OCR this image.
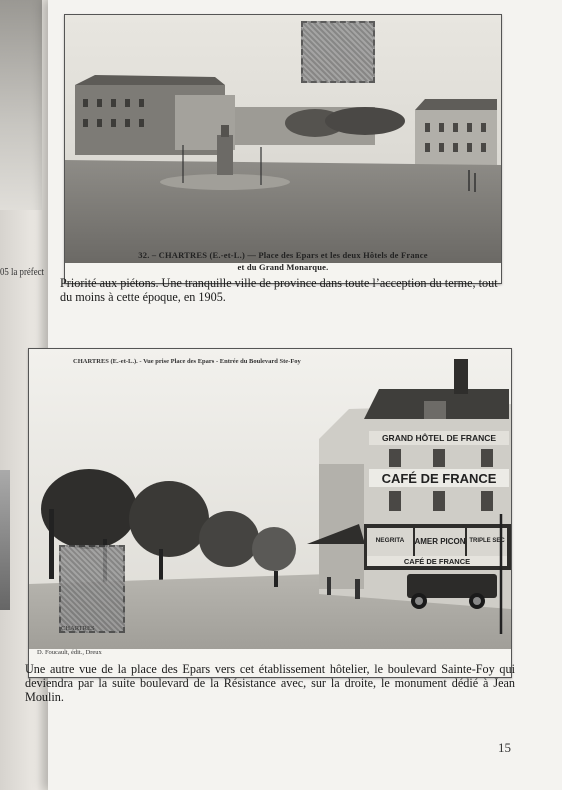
05 la préfect
32. – CHARTRES (E.-et-L.) — Place des Epars et les deux Hôtels de France
et du Grand Monarque.
Priorité aux piétons. Une tranquille ville de province dans toute l’acception du terme, tout du moins à cette époque, en 1905.
GRAND HÔTEL DE FRANCE
CAFÉ DE FRANCE
NEGRITA AMER PICON TRIPLE SEC
CAFÉ DE FRANCE
CHARTRES (E.-et-L.). - Vue prise Place des Epars - Entrée du Boulevard Ste-Foy
CHARTRES
D. Foucault, édit., Dreux
Une autre vue de la place des Epars vers cet établissement hôtelier, le boulevard Sainte-Foy qui deviendra par la suite boulevard de la Résistance avec, sur la droite, le monument dédié à Jean Moulin.
15
